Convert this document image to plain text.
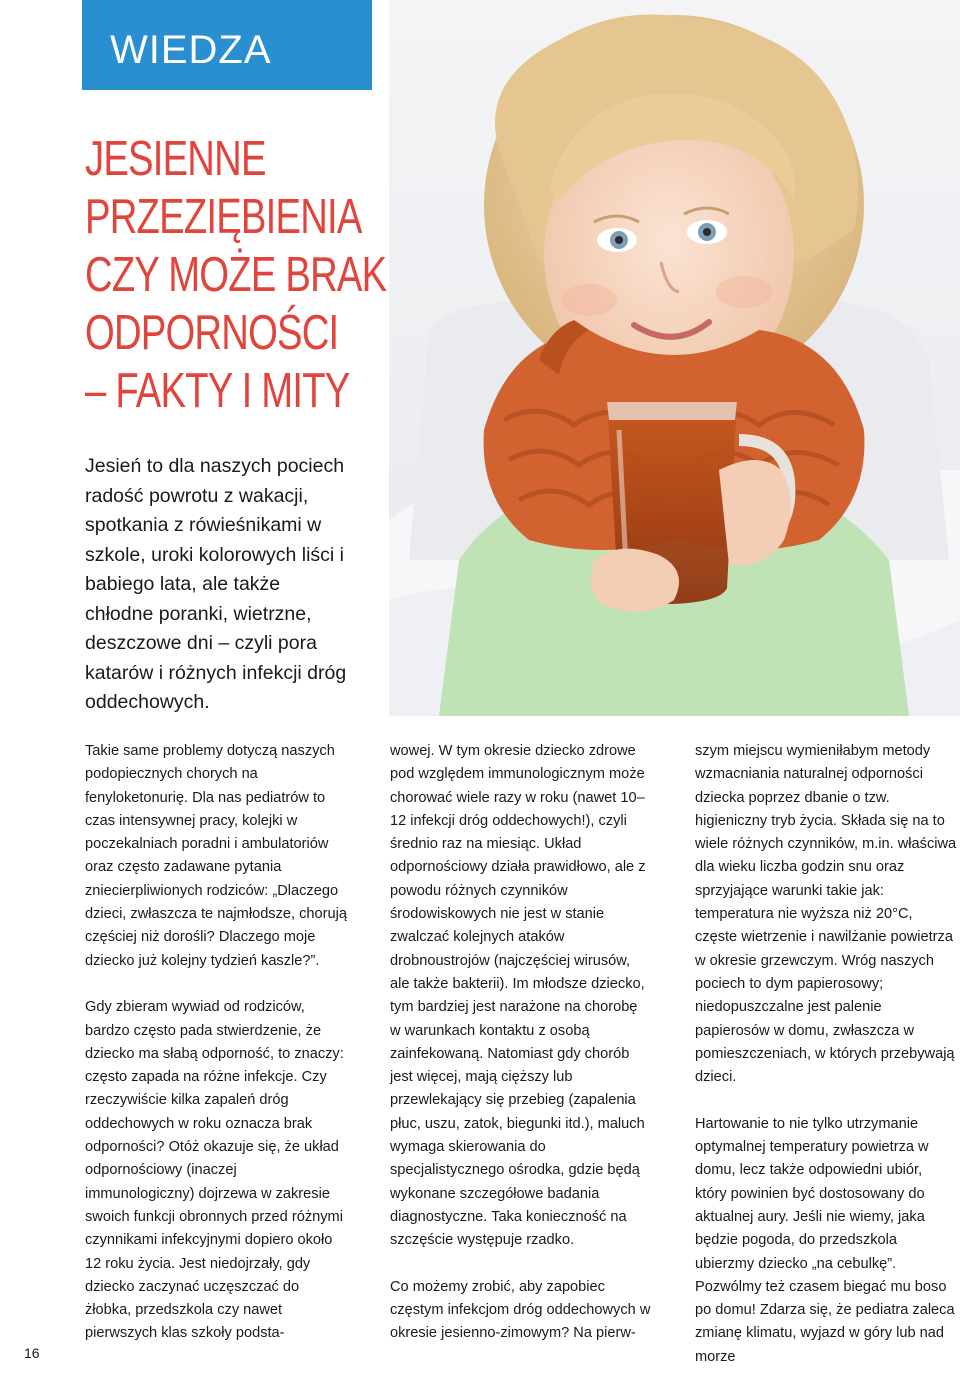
WIEDZA
JESIENNE
PRZEZIĘBIENIA
CZY MOŻE BRAK
ODPORNOŚCI
– FAKTY I MITY
Jesień to dla naszych pociech radość powrotu z wakacji, spotkania z rówieśnikami w szkole, uroki kolorowych liści i babiego lata, ale także chłodne poranki, wietrzne, deszczowe dni – czyli pora katarów i różnych infekcji dróg oddechowych.

Takie same problemy dotyczą naszych podopiecznych chorych na fenyloketonurię. Dla nas pediatrów to czas intensywnej pracy, kolejki w poczekalniach poradni i ambulatoriów oraz często zadawane pytania zniecierpliwionych rodziców: „Dlaczego dzieci, zwłaszcza te najmłodsze, chorują częściej niż dorośli? Dlaczego moje dziecko już kolejny tydzień kaszle?”.

Gdy zbieram wywiad od rodziców, bardzo często pada stwierdzenie, że dziecko ma słabą odporność, to znaczy: często zapada na różne infekcje. Czy rzeczywiście kilka zapaleń dróg oddechowych w roku oznacza brak odporności? Otóż okazuje się, że układ odpornościowy (inaczej immunologiczny) dojrzewa w zakresie swoich funkcji obronnych przed różnymi czynnikami infekcyjnymi dopiero około 12 roku życia. Jest niedojrzały, gdy dziecko zaczynać uczęszczać do żłobka, przedszkola czy nawet pierwszych klas szkoły podsta-

wowej. W tym okresie dziecko zdrowe pod względem immunologicznym może chorować wiele razy w roku (nawet 10–12 infekcji dróg oddechowych!), czyli średnio raz na miesiąc. Układ odpornościowy działa prawidłowo, ale z powodu różnych czynników środowiskowych nie jest w stanie zwalczać kolejnych ataków drobnoustrojów (najczęściej wirusów, ale także bakterii). Im młodsze dziecko, tym bardziej jest narażone na chorobę w warunkach kontaktu z osobą zainfekowaną. Natomiast gdy chorób jest więcej, mają cięższy lub przewlekający się przebieg (zapalenia płuc, uszu, zatok, biegunki itd.), maluch wymaga skierowania do specjalistycznego ośrodka, gdzie będą wykonane szczegółowe badania diagnostyczne. Taka konieczność na szczęście występuje rzadko.

Co możemy zrobić, aby zapobiec częstym infekcjom dróg oddechowych w okresie jesienno-zimowym? Na pierw-

szym miejscu wymieniłabym metody wzmacniania naturalnej odporności dziecka poprzez dbanie o tzw. higieniczny tryb życia. Składa się na to wiele różnych czynników, m.in. właściwa dla wieku liczba godzin snu oraz sprzyjające warunki takie jak: temperatura nie wyższa niż 20°C, częste wietrzenie i nawilżanie powietrza w okresie grzewczym. Wróg naszych pociech to dym papierosowy; niedopuszczalne jest palenie papierosów w domu, zwłaszcza w pomieszczeniach, w których przebywają dzieci.

Hartowanie to nie tylko utrzymanie optymalnej temperatury powietrza w domu, lecz także odpowiedni ubiór, który powinien być dostosowany do aktualnej aury. Jeśli nie wiemy, jaka będzie pogoda, do przedszkola ubierzmy dziecko „na cebulkę”. Pozwólmy też czasem biegać mu boso po domu! Zdarza się, że pediatra zaleca zmianę klimatu, wyjazd w góry lub nad morze

16
